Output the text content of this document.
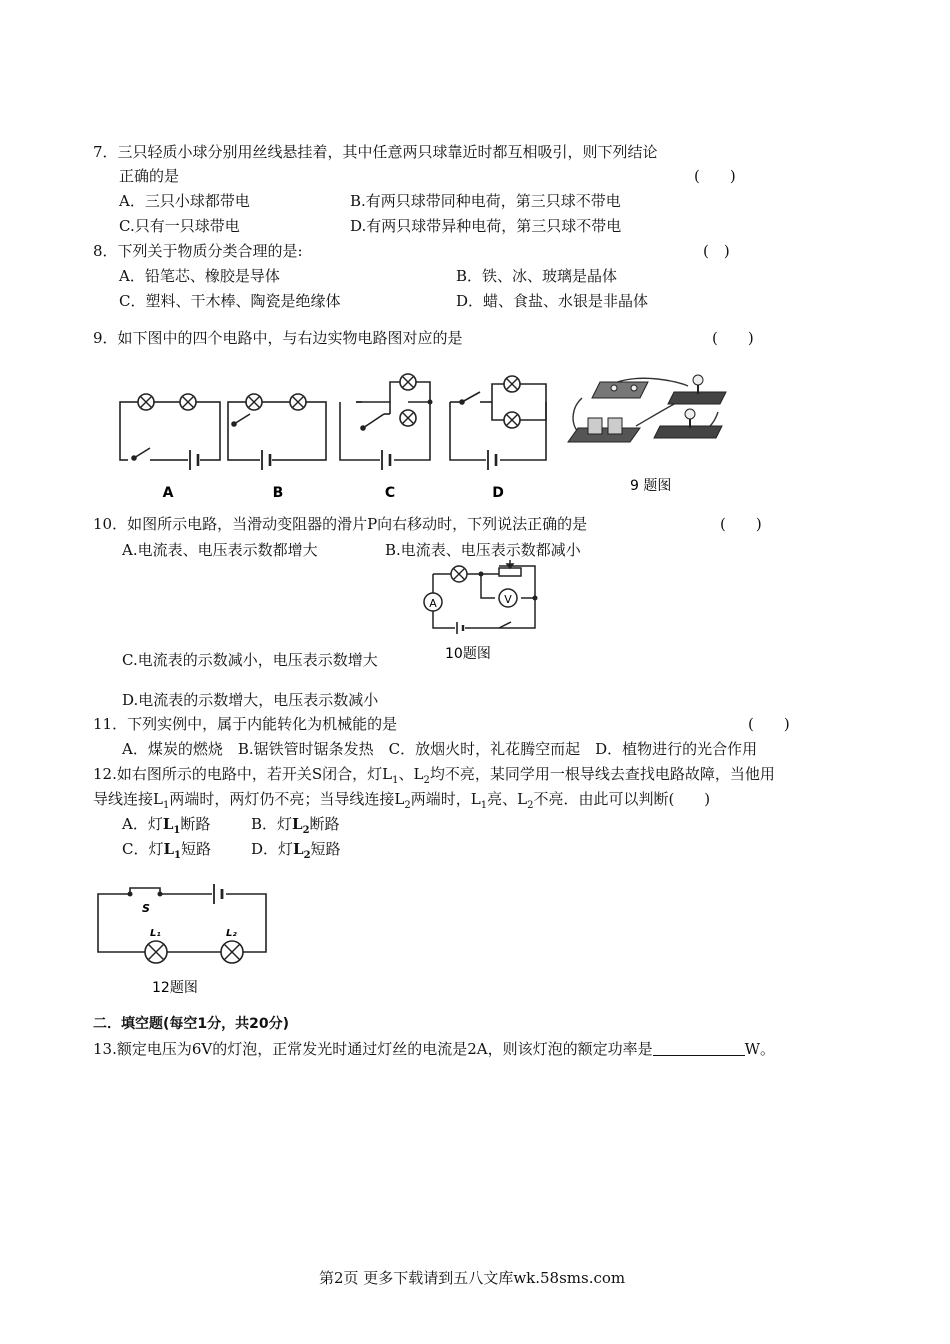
7．三只轻质小球分别用丝线悬挂着，其中任意两只球靠近时都互相吸引，则下列结论
正确的是	(　　)
A．三只小球都带电	B.有两只球带同种电荷，第三只球不带电
C.只有一只球带电	D.有两只球带异种电荷，第三只球不带电
8．下列关于物质分类合理的是:	(　)
A．铅笔芯、橡胶是导体	B．铁、冰、玻璃是晶体
C．塑料、干木棒、陶瓷是绝缘体	D．蜡、食盐、水银是非晶体
9．如下图中的四个电路中，与右边实物电路图对应的是	(　　)
A	B	C	D	9 题图
10．如图所示电路，当滑动变阻器的滑片P向右移动时，下列说法正确的是	(　　)
A.电流表、电压表示数都增大	B.电流表、电压表示数都减小
A	V
10题图
C.电流表的示数减小，电压表示数增大
D.电流表的示数增大，电压表示数减小
11．下列实例中，属于内能转化为机械能的是	(　　)
A．煤炭的燃烧　B.锯铁管时锯条发热　C．放烟火时，礼花腾空而起　D．植物进行的光合作用
12.如右图所示的电路中，若开关S闭合，灯$L_1$、$L_2$均不亮，某同学用一根导线去查找电路故障，当他用
导线连接$L_1$两端时，两灯仍不亮；当导线连接$L_2$两端时，$L_1$亮、$L_2$不亮．由此可以判断(　　)
A．灯$L_1$断路	B．灯$L_2$断路
C．灯$L_1$短路	D．灯$L_2$短路
S
L₁	L₂
12题图
二．填空题(每空1分，共20分)
13.额定电压为6V的灯泡，正常发光时通过灯丝的电流是2A，则该灯泡的额定功率是	W。
第2页 更多下载请到五八文库wk.58sms.com
